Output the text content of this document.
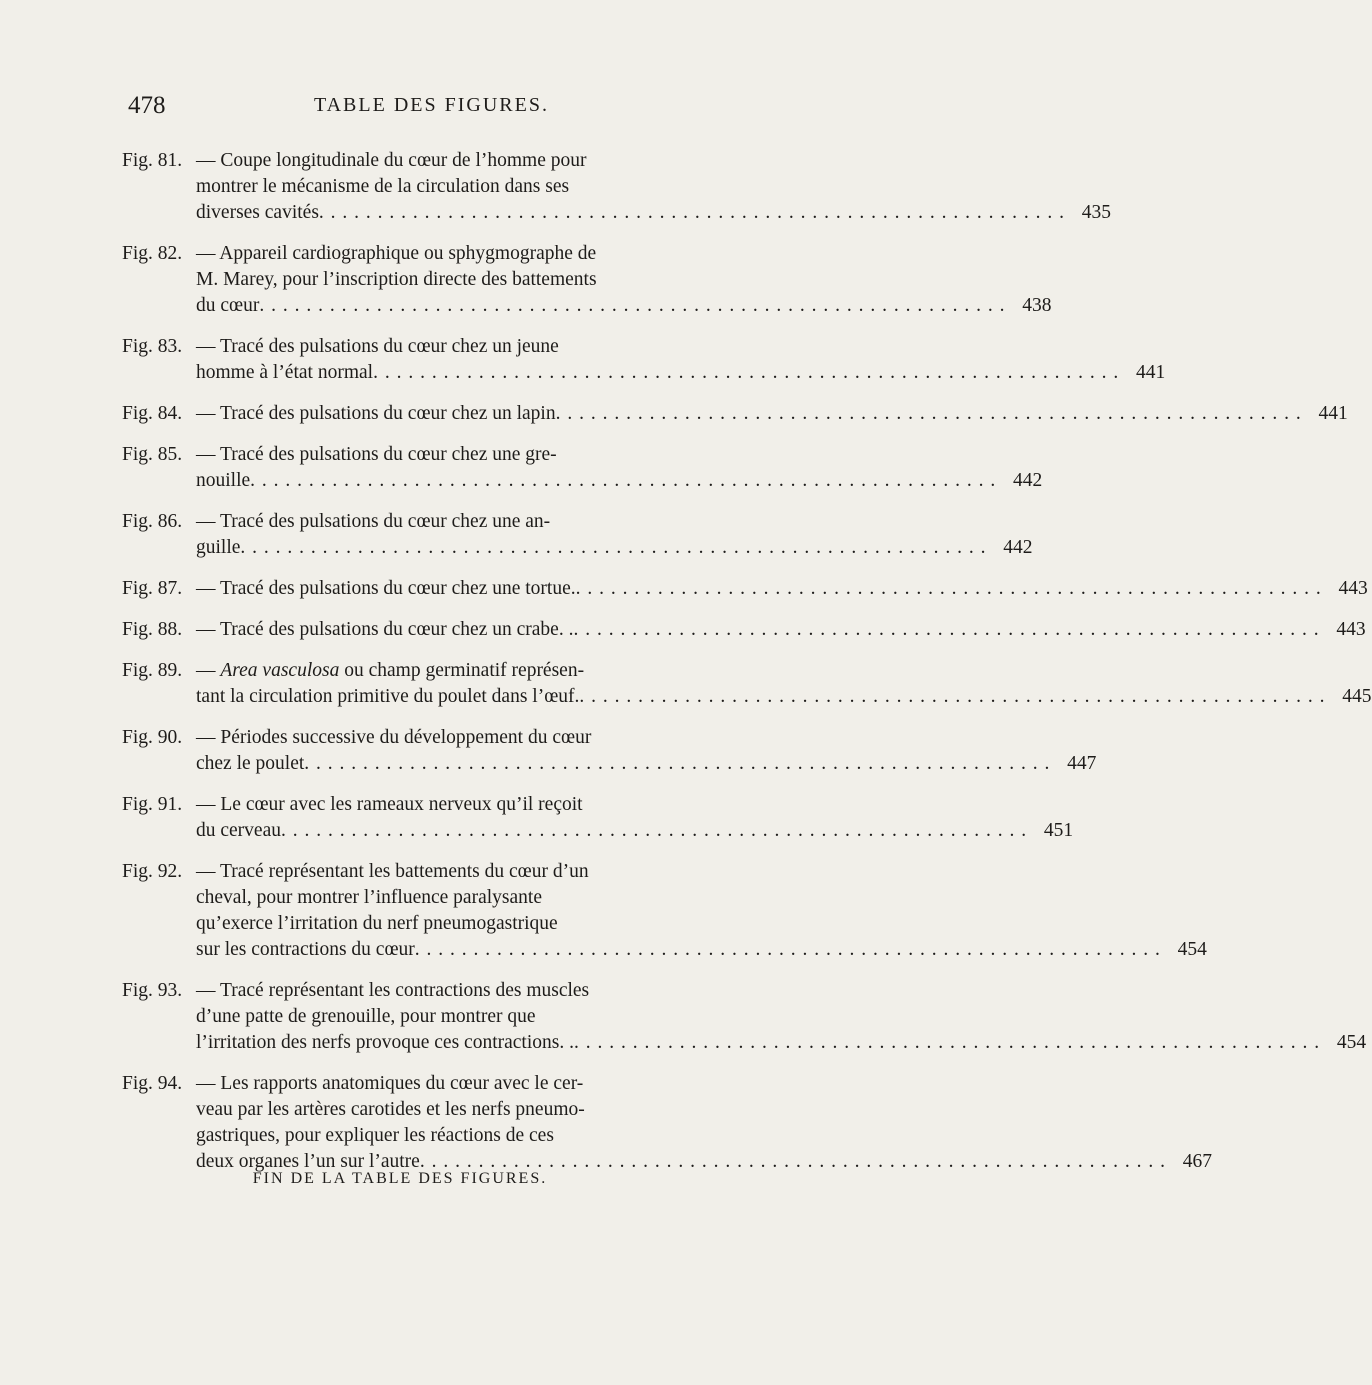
478	TABLE DES FIGURES.
Fig. 81. — Coupe longitudinale du cœur de l’homme pour
montrer le mécanisme de la circulation dans ses
diverses cavités . . . . . . . . . . . . . . . . . . . . . . . . . . . . . . . . . . . . . . . . . . . . . . . . . . . . . . . . . . . . . . . . 435
Fig. 82. — Appareil cardiographique ou sphygmographe de
M. Marey, pour l’inscription directe des battements
du cœur . . . . . . . . . . . . . . . . . . . . . . . . . . . . . . . . . . . . . . . . . . . . . . . . . . . . . . . . . . . . . . . . 438
Fig. 83. — Tracé des pulsations du cœur chez un jeune
homme à l’état normal . . . . . . . . . . . . . . . . . . . . . . . . . . . . . . . . . . . . . . . . . . . . . . . . . . . . . . . . . . . . . . . . 441
Fig. 84. — Tracé des pulsations du cœur chez un lapin . . . . . . . . . . . . . . . . . . . . . . . . . . . . . . . . . . . . . . . . . . . . . . . . . . . . . . . . . . . . . . . . 441
Fig. 85. — Tracé des pulsations du cœur chez une gre-
nouille . . . . . . . . . . . . . . . . . . . . . . . . . . . . . . . . . . . . . . . . . . . . . . . . . . . . . . . . . . . . . . . . 442
Fig. 86. — Tracé des pulsations du cœur chez une an-
guille . . . . . . . . . . . . . . . . . . . . . . . . . . . . . . . . . . . . . . . . . . . . . . . . . . . . . . . . . . . . . . . . 442
Fig. 87. — Tracé des pulsations du cœur chez une tortue. . . . . . . . . . . . . . . . . . . . . . . . . . . . . . . . . . . . . . . . . . . . . . . . . . . . . . . . . . . . . . . . . 443
Fig. 88. — Tracé des pulsations du cœur chez un crabe. . . . . . . . . . . . . . . . . . . . . . . . . . . . . . . . . . . . . . . . . . . . . . . . . . . . . . . . . . . . . . . . . . 443
Fig. 89. — Area vasculosa ou champ germinatif représen-
tant la circulation primitive du poulet dans l’œuf. . . . . . . . . . . . . . . . . . . . . . . . . . . . . . . . . . . . . . . . . . . . . . . . . . . . . . . . . . . . . . . . . 445
Fig. 90. — Périodes successive du développement du cœur
chez le poulet . . . . . . . . . . . . . . . . . . . . . . . . . . . . . . . . . . . . . . . . . . . . . . . . . . . . . . . . . . . . . . . . 447
Fig. 91. — Le cœur avec les rameaux nerveux qu’il reçoit
du cerveau . . . . . . . . . . . . . . . . . . . . . . . . . . . . . . . . . . . . . . . . . . . . . . . . . . . . . . . . . . . . . . . . 451
Fig. 92. — Tracé représentant les battements du cœur d’un
cheval, pour montrer l’influence paralysante
qu’exerce l’irritation du nerf pneumogastrique
sur les contractions du cœur . . . . . . . . . . . . . . . . . . . . . . . . . . . . . . . . . . . . . . . . . . . . . . . . . . . . . . . . . . . . . . . . 454
Fig. 93. — Tracé représentant les contractions des muscles
d’une patte de grenouille, pour montrer que
l’irritation des nerfs provoque ces contractions. . . . . . . . . . . . . . . . . . . . . . . . . . . . . . . . . . . . . . . . . . . . . . . . . . . . . . . . . . . . . . . . . . 454
Fig. 94. — Les rapports anatomiques du cœur avec le cer-
veau par les artères carotides et les nerfs pneumo-
gastriques, pour expliquer les réactions de ces
deux organes l’un sur l’autre . . . . . . . . . . . . . . . . . . . . . . . . . . . . . . . . . . . . . . . . . . . . . . . . . . . . . . . . . . . . . . . . 467
FIN DE LA TABLE DES FIGURES.
